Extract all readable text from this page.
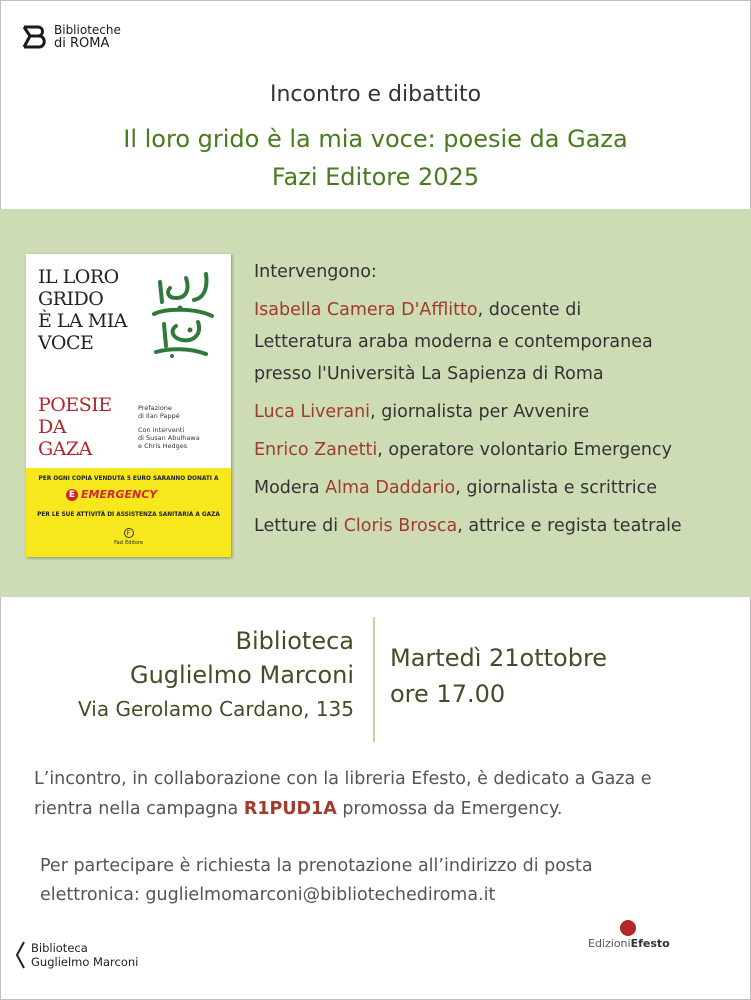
Biblioteche
di ROMA
Incontro e dibattito
Il loro grido è la mia voce: poesie da Gaza
Fazi Editore 2025
IL LORO
GRIDO
È LA MIA
VOCE
POESIE
DA
GAZA

Prefazione
di Ilan Pappé

Con interventi
di Susan Abulhawa
e Chris Hedges

PER OGNI COPIA VENDUTA 5 EURO SARANNO DONATI A
E EMERGENCY
PER LE SUE ATTIVITÀ DI ASSISTENZA SANITARIA A GAZA
F
Fazi Editore
Intervengono:
Isabella Camera D'Afflitto, docente di
Letteratura araba moderna e contemporanea
presso l'Università La Sapienza di Roma
Luca Liverani, giornalista per Avvenire
Enrico Zanetti, operatore volontario Emergency
Modera Alma Daddario, giornalista e scrittrice
Letture di Cloris Brosca, attrice e regista teatrale
Biblioteca
Guglielmo Marconi
Via Gerolamo Cardano, 135
Martedì 21ottobre
ore 17.00
L’incontro, in collaborazione con la libreria Efesto, è dedicato a Gaza e
rientra nella campagna R1PUD1A promossa da Emergency.
Per partecipare è richiesta la prenotazione all’indirizzo di posta
elettronica: guglielmomarconi@bibliotechediroma.it
Biblioteca
Guglielmo Marconi
EdizioniEfesto
